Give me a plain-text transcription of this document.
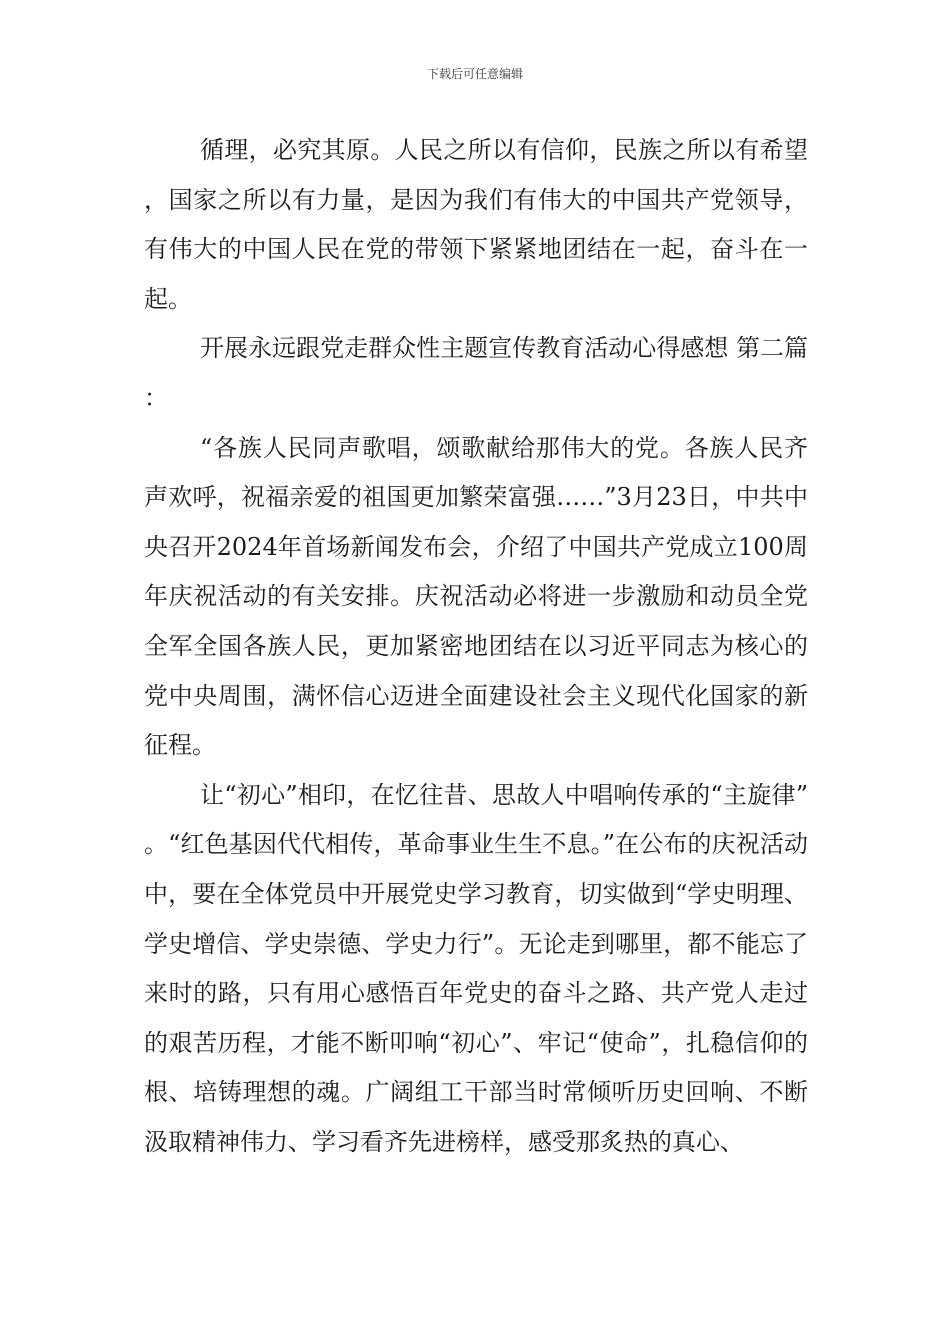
下载后可任意编辑

循理，必究其原。人民之所以有信仰，民族之所以有希望，国家之所以有力量，是因为我们有伟大的中国共产党领导，有伟大的中国人民在党的带领下紧紧地团结在一起，奋斗在一起。

开展永远跟党走群众性主题宣传教育活动心得感想 第二篇：

“各族人民同声歌唱，颂歌献给那伟大的党。各族人民齐声欢呼，祝福亲爱的祖国更加繁荣富强……”3月23日，中共中央召开2024年首场新闻发布会，介绍了中国共产党成立100周年庆祝活动的有关安排。庆祝活动必将进一步激励和动员全党全军全国各族人民，更加紧密地团结在以习近平同志为核心的党中央周围，满怀信心迈进全面建设社会主义现代化国家的新征程。

让“初心”相印，在忆往昔、思故人中唱响传承的“主旋律”。“红色基因代代相传，革命事业生生不息。”在公布的庆祝活动中，要在全体党员中开展党史学习教育，切实做到“学史明理、学史增信、学史崇德、学史力行”。无论走到哪里，都不能忘了来时的路，只有用心感悟百年党史的奋斗之路、共产党人走过的艰苦历程，才能不断叩响“初心”、牢记“使命”，扎稳信仰的根、培铸理想的魂。广阔组工干部当时常倾听历史回响、不断汲取精神伟力、学习看齐先进榜样，感受那炙热的真心、
